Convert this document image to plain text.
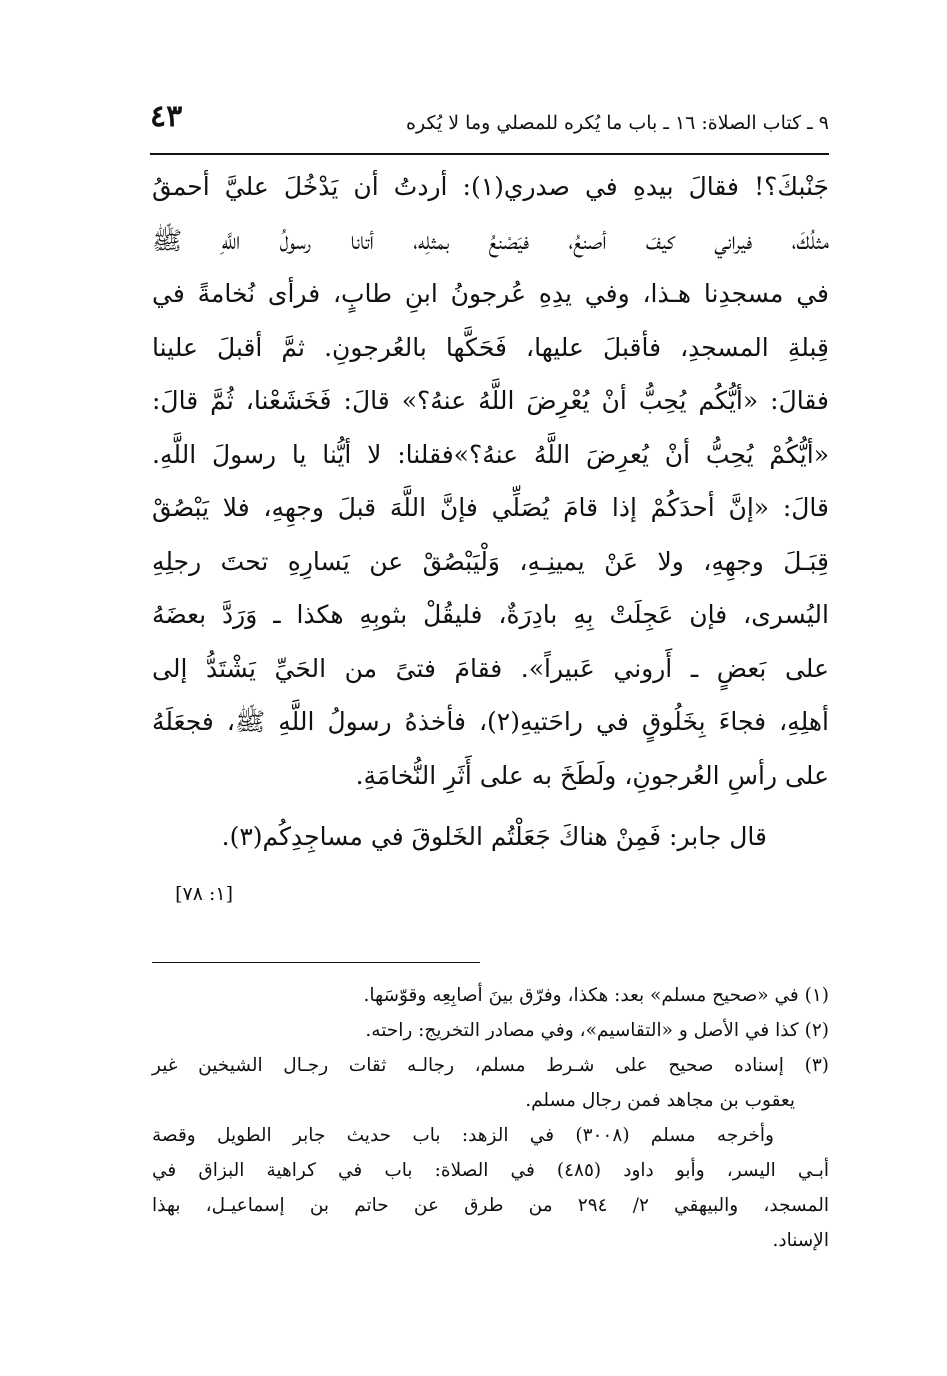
٩ ـ كتاب الصلاة: ١٦ ـ باب ما يُكره للمصلي وما لا يُكره
٤٣
جَنْبكَ؟! فقالَ بيدهِ في صدري(١): أردتُ أن يَدْخُلَ عليَّ أحمقُ
مثلُكَ، فيراني كيفَ أصنعُ، فيَصْنعُ بمثلِه، أتانا رسولُ اللَّهِ ﷺ
في مسجدِنا هـذا، وفي يدِهِ عُرجونُ ابنِ طابٍ، فرأى نُخامةً في
قِبلةِ المسجدِ، فأقبلَ عليها، فَحَكَّها بالعُرجونِ. ثمَّ أقبلَ علينا
فقالَ: «أيُّكُم يُحِبُّ أنْ يُعْرِضَ اللَّهُ عنهُ؟» قالَ: فَخَشَعْنا، ثُمَّ قالَ:
«أيُّكُمْ يُحِبُّ أنْ يُعرِضَ اللَّهُ عنهُ؟»فقلنا: لا أيُّنا يا رسولَ اللَّهِ.
قالَ: «إنَّ أحدَكُمْ إذا قامَ يُصَلِّي فإنَّ اللَّهَ قبلَ وجهِهِ، فلا يَبْصُقْ
قِبَـلَ وجهِهِ، ولا عَنْ يمينِـهِ، وَلْيَبْصُقْ عن يَسارِهِ تحتَ رجلِهِ
اليُسرى، فإن عَجِلَتْ بِهِ بادِرَةٌ، فليقُلْ بثوبِهِ هكذا ـ وَرَدَّ بعضَهُ
على بَعضٍ ـ أَروني عَبيراً». فقامَ فتىً من الحَيِّ يَشْتَدُّ إلى
أهلِهِ، فجاءَ بِخَلُوقٍ في راحَتيهِ(٢)، فأخذهُ رسولُ اللَّهِ ﷺ، فجعَلَهُ
على رأسِ العُرجونِ، ولَطَخَ به على أَثَرِ النُّخامَةِ.
قال جابر: فَمِنْ هناكَ جَعَلْتُم الخَلوقَ في مساجِدِكُم(٣).
[١: ٧٨]
(١) في «صحيح مسلم» بعد: هكذا، وفرّق بينَ أصابِعِه وقوّسَها.
(٢) كذا في الأصل و «التقاسيم»، وفي مصادر التخريج: راحته.
(٣) إسناده صحيح على شـرط مسلم، رجالـه ثقات رجـال الشيخين غير
يعقوب بن مجاهد فمن رجال مسلم.
وأخرجه مسلم (٣٠٠٨) في الزهد: باب حديث جابر الطويل وقصة
أبـي اليسر، وأبو داود (٤٨٥) في الصلاة: باب في كراهية البزاق في
المسجد، والبيهقي ٢/ ٢٩٤ من طرق عن حاتم بن إسماعيـل، بهذا
الإسناد.
